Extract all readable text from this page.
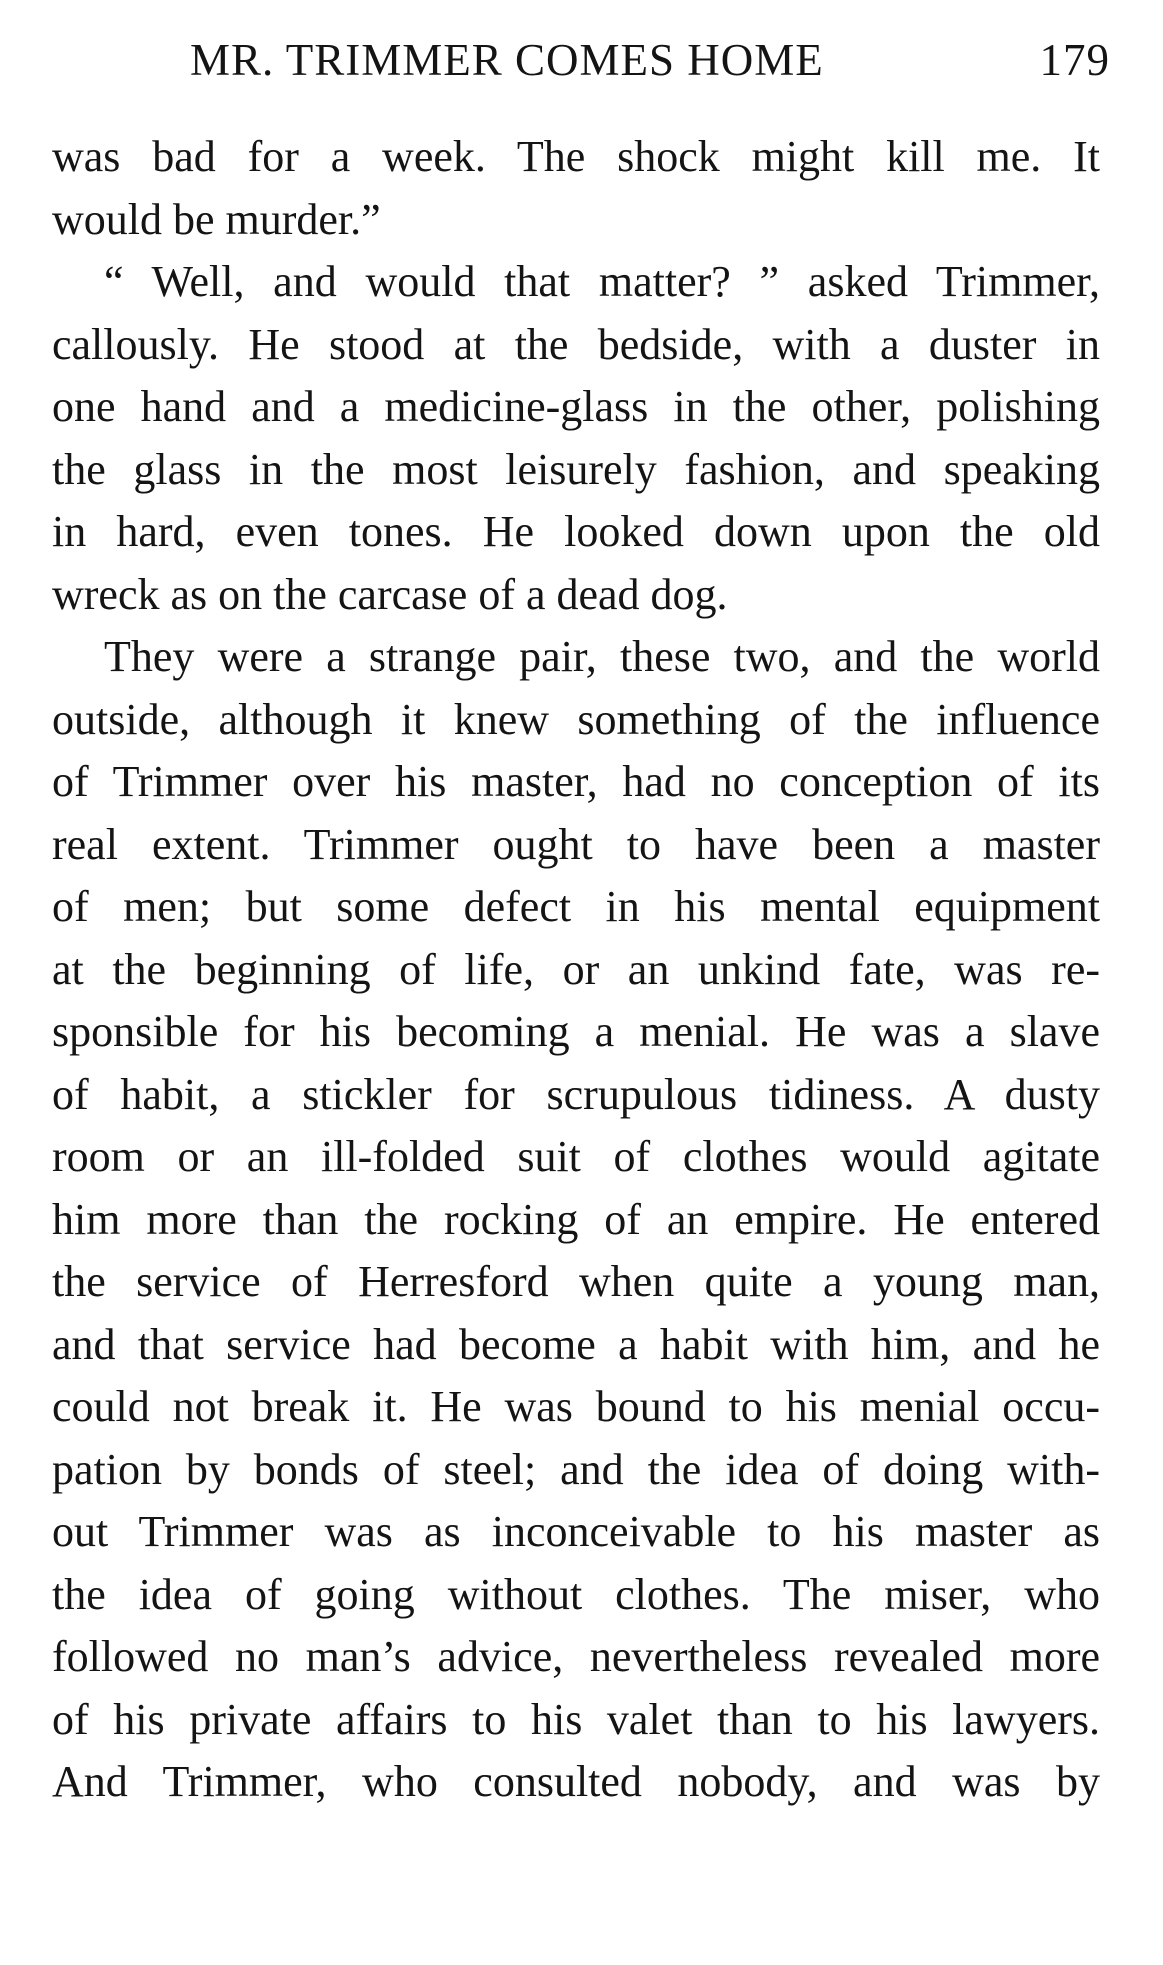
MR. TRIMMER COMES HOME	179
was bad for a week. The shock might kill me. It
would be murder.”
“ Well, and would that matter? ” asked Trimmer,
callously. He stood at the bedside, with a duster in
one hand and a medicine-glass in the other, polishing
the glass in the most leisurely fashion, and speaking
in hard, even tones. He looked down upon the old
wreck as on the carcase of a dead dog.
They were a strange pair, these two, and the world
outside, although it knew something of the influence
of Trimmer over his master, had no conception of its
real extent. Trimmer ought to have been a master
of men; but some defect in his mental equipment
at the beginning of life, or an unkind fate, was re-
sponsible for his becoming a menial. He was a slave
of habit, a stickler for scrupulous tidiness. A dusty
room or an ill-folded suit of clothes would agitate
him more than the rocking of an empire. He entered
the service of Herresford when quite a young man,
and that service had become a habit with him, and he
could not break it. He was bound to his menial occu-
pation by bonds of steel; and the idea of doing with-
out Trimmer was as inconceivable to his master as
the idea of going without clothes. The miser, who
followed no man’s advice, nevertheless revealed more
of his private affairs to his valet than to his lawyers.
And Trimmer, who consulted nobody, and was by
